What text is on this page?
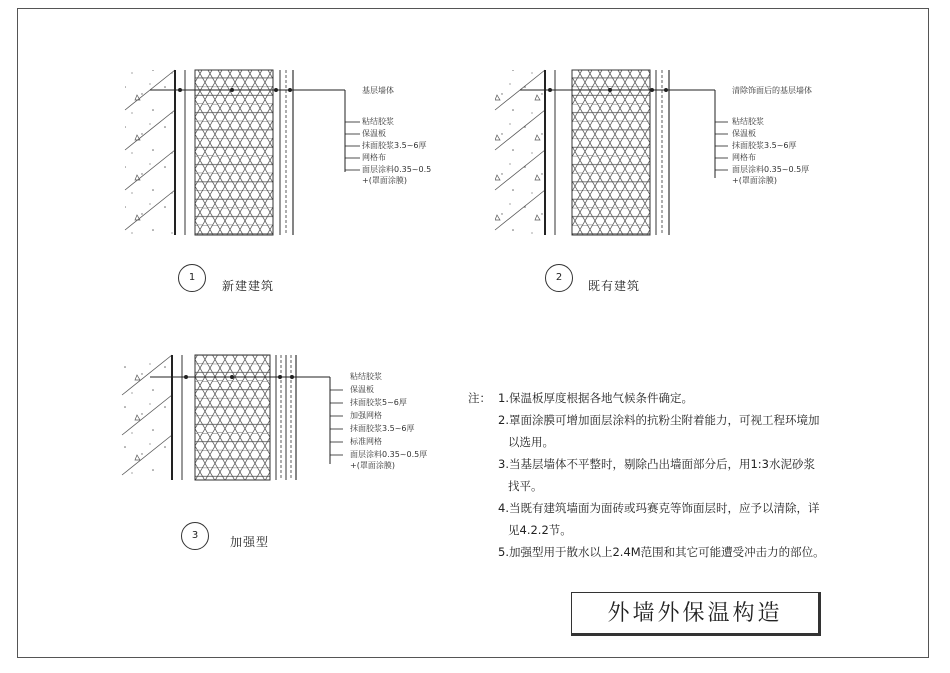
基层墙体
粘结胶浆
保温板
抹面胶浆3.5~6厚
网格布
面层涂料0.35~0.5
+(罩面涂膜)
1
新建建筑
清除饰面后的基层墙体
粘结胶浆
保温板
抹面胶浆3.5~6厚
网格布
面层涂料0.35~0.5厚
+(罩面涂膜)
2
既有建筑
粘结胶浆
保温板
抹面胶浆5~6厚
加强网格
抹面胶浆3.5~6厚
标准网格
面层涂料0.35~0.5厚
+(罩面涂膜)
3	加强型
注： 1.保温板厚度根据各地气候条件确定。
2.罩面涂膜可增加面层涂料的抗粉尘附着能力，可视工程环境加
以选用。
3.当基层墙体不平整时，剔除凸出墙面部分后，用1:3水泥砂浆
找平。
4.当既有建筑墙面为面砖或玛赛克等饰面层时，应予以清除，详
见4.2.2节。
5.加强型用于散水以上2.4M范围和其它可能遭受冲击力的部位。
外墙外保温构造
